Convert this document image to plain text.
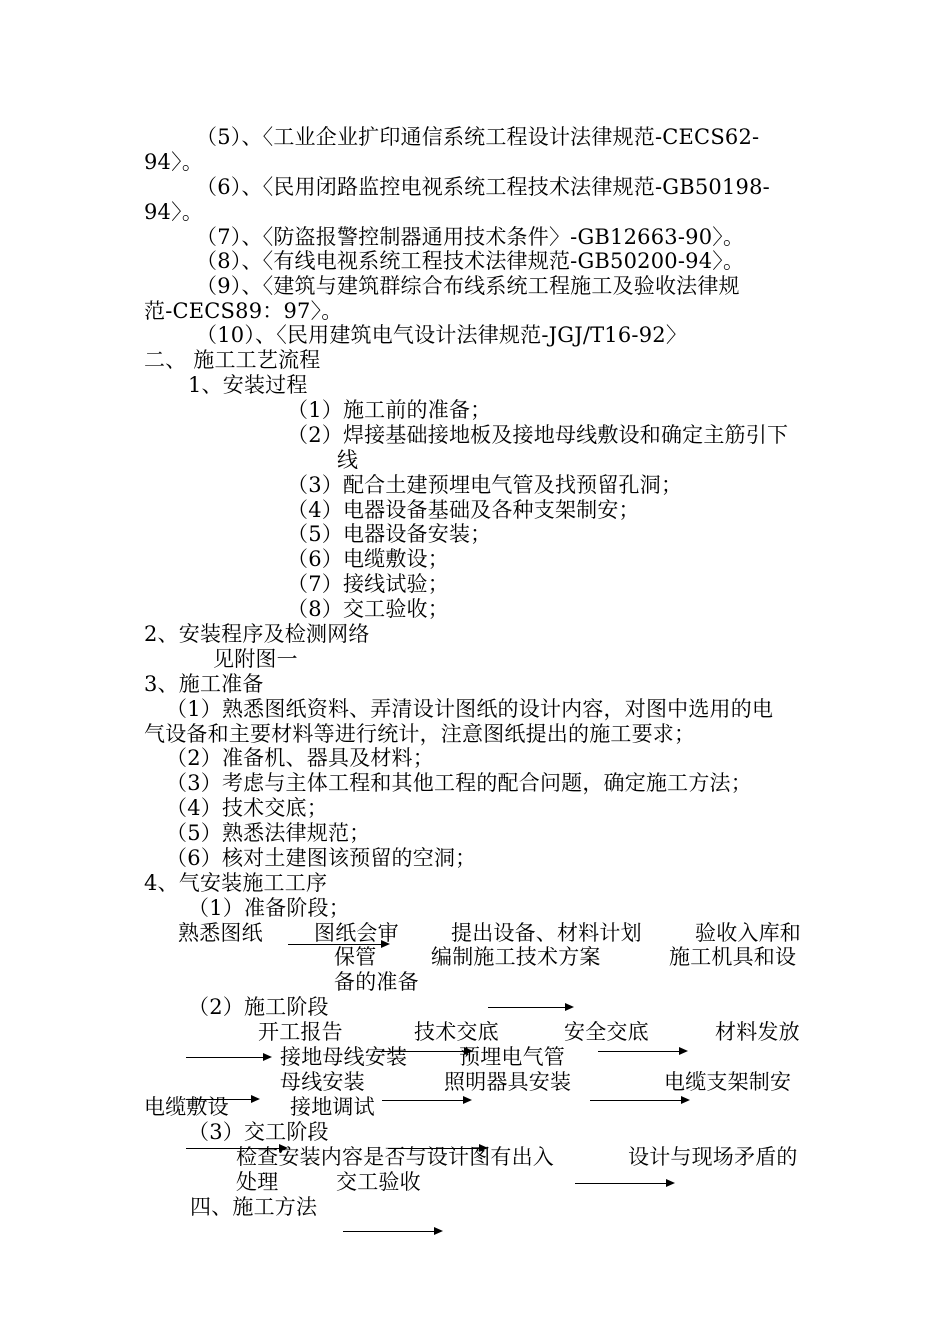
（5）、〈工业企业扩印通信系统工程设计法律规范-CECS62-
94〉。
（6）、〈民用闭路监控电视系统工程技术法律规范-GB50198-
94〉。
（7）、〈防盗报警控制器通用技术条件〉-GB12663-90〉。
（8）、〈有线电视系统工程技术法律规范-GB50200-94〉。
（9）、〈建筑与建筑群综合布线系统工程施工及验收法律规
范-CECS89：97〉。
（10）、〈民用建筑电气设计法律规范-JGJ/T16-92〉
二、 施工工艺流程
1、安装过程
（1）施工前的准备；
（2）焊接基础接地板及接地母线敷设和确定主筋引下
线
（3）配合土建预埋电气管及找预留孔洞；
（4）电器设备基础及各种支架制安；
（5）电器设备安装；
（6）电缆敷设；
（7）接线试验；
（8）交工验收；
2、安装程序及检测网络
见附图一
3、施工准备
（1）熟悉图纸资料、弄清设计图纸的设计内容，对图中选用的电
气设备和主要材料等进行统计，注意图纸提出的施工要求；
（2）准备机、器具及材料；
（3）考虑与主体工程和其他工程的配合问题，确定施工方法；
（4）技术交底；
（5）熟悉法律规范；
（6）核对土建图该预留的空洞；
4、气安装施工工序
（1）准备阶段；
熟悉图纸 图纸会审 提出设备、材料计划	验收入库和
保管	编制施工技术方案	施工机具和设
备的准备
（2）施工阶段
开工报告	技术交底	安全交底	材料发放
接地母线安装 预埋电气管
母线安装	照明器具安装	电缆支架制安
电缆敷设	接地调试
（3）交工阶段
检查安装内容是否与设计图有出入	设计与现场矛盾的
处理	交工验收
四、施工方法
